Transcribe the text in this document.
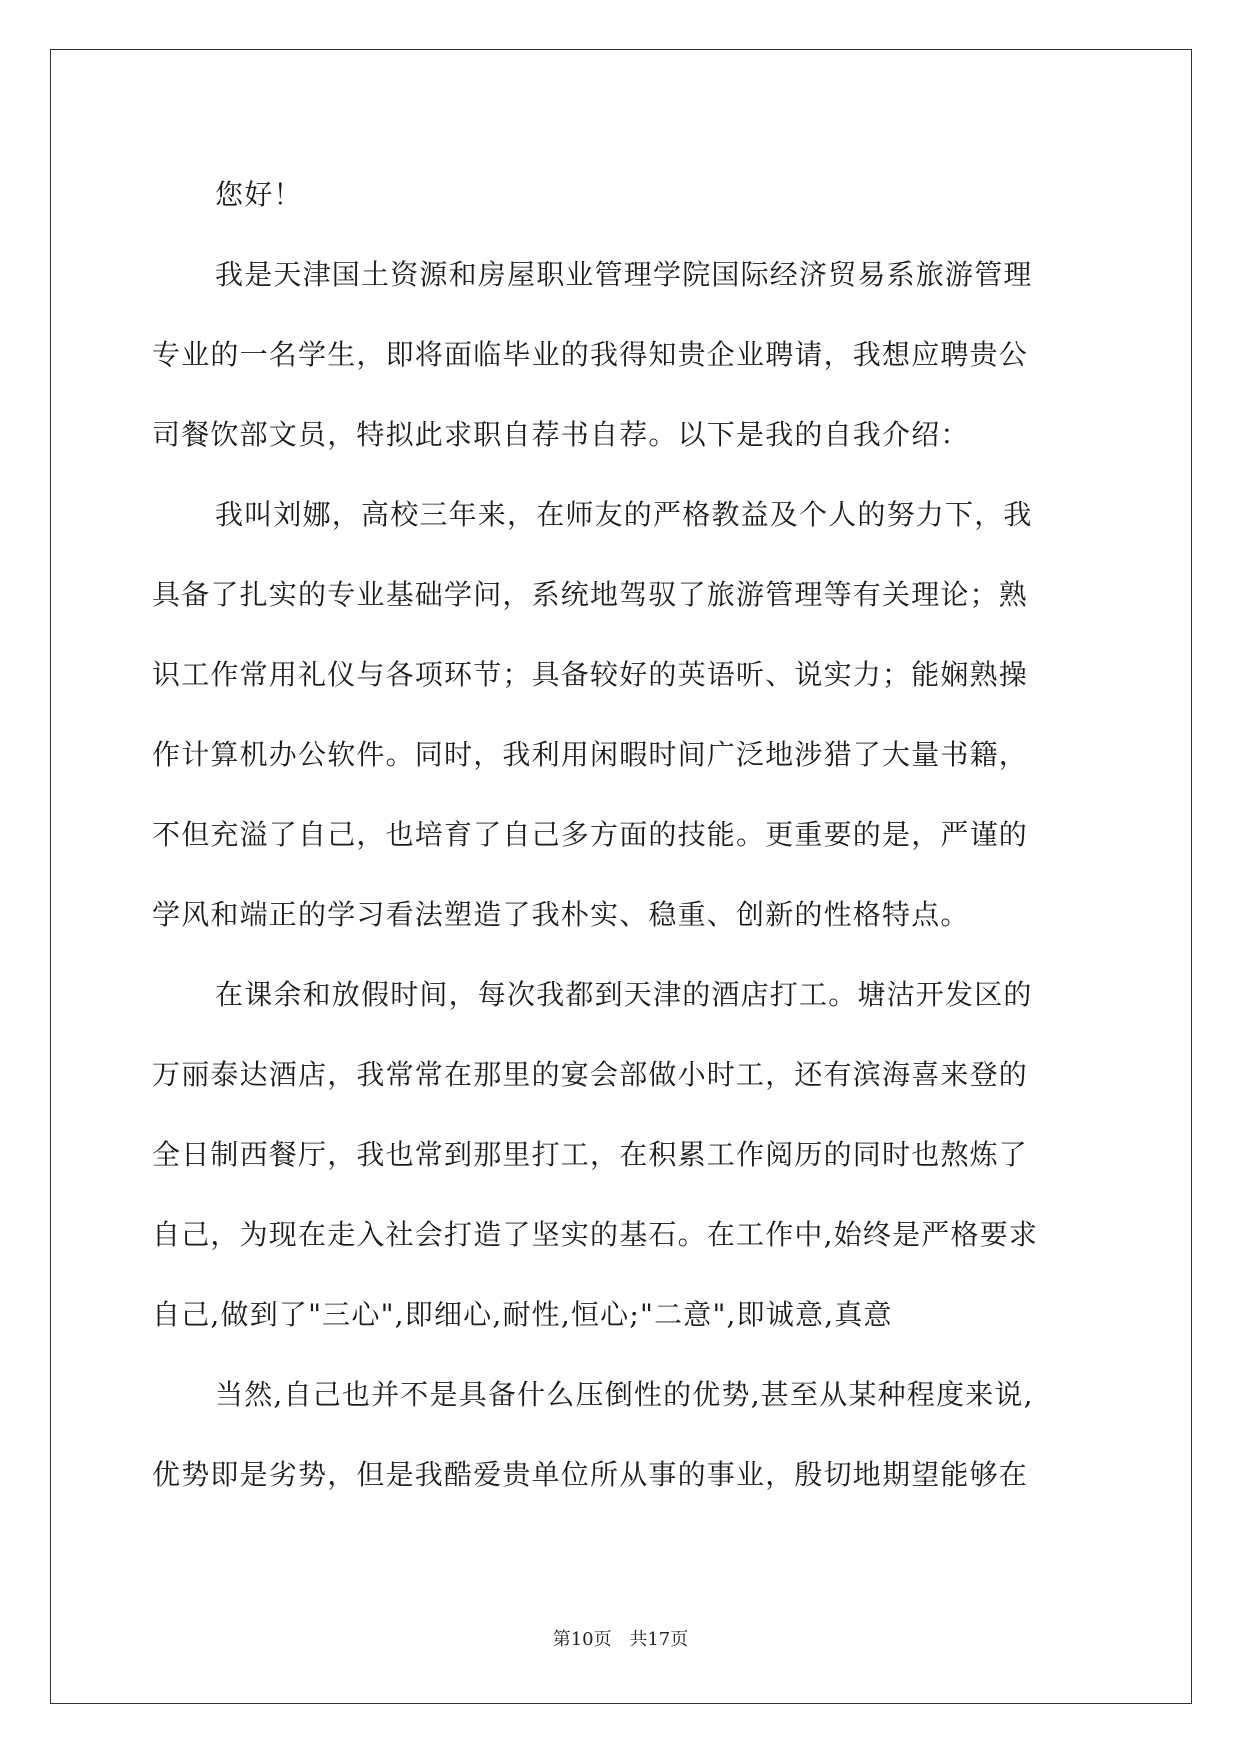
您好！
我是天津国土资源和房屋职业管理学院国际经济贸易系旅游管理
专业的一名学生，即将面临毕业的我得知贵企业聘请，我想应聘贵公
司餐饮部文员，特拟此求职自荐书自荐。以下是我的自我介绍：
我叫刘娜，高校三年来，在师友的严格教益及个人的努力下，我
具备了扎实的专业基础学问，系统地驾驭了旅游管理等有关理论；熟
识工作常用礼仪与各项环节；具备较好的英语听、说实力；能娴熟操
作计算机办公软件。同时，我利用闲暇时间广泛地涉猎了大量书籍，
不但充溢了自己，也培育了自己多方面的技能。更重要的是，严谨的
学风和端正的学习看法塑造了我朴实、稳重、创新的性格特点。
在课余和放假时间，每次我都到天津的酒店打工。塘沽开发区的
万丽泰达酒店，我常常在那里的宴会部做小时工，还有滨海喜来登的
全日制西餐厅，我也常到那里打工，在积累工作阅历的同时也熬炼了
自己，为现在走入社会打造了坚实的基石。在工作中,始终是严格要求
自己,做到了"三心",即细心,耐性,恒心;"二意",即诚意,真意
当然,自己也并不是具备什么压倒性的优势,甚至从某种程度来说,
优势即是劣势，但是我酷爱贵单位所从事的事业，殷切地期望能够在
第10页 共17页
